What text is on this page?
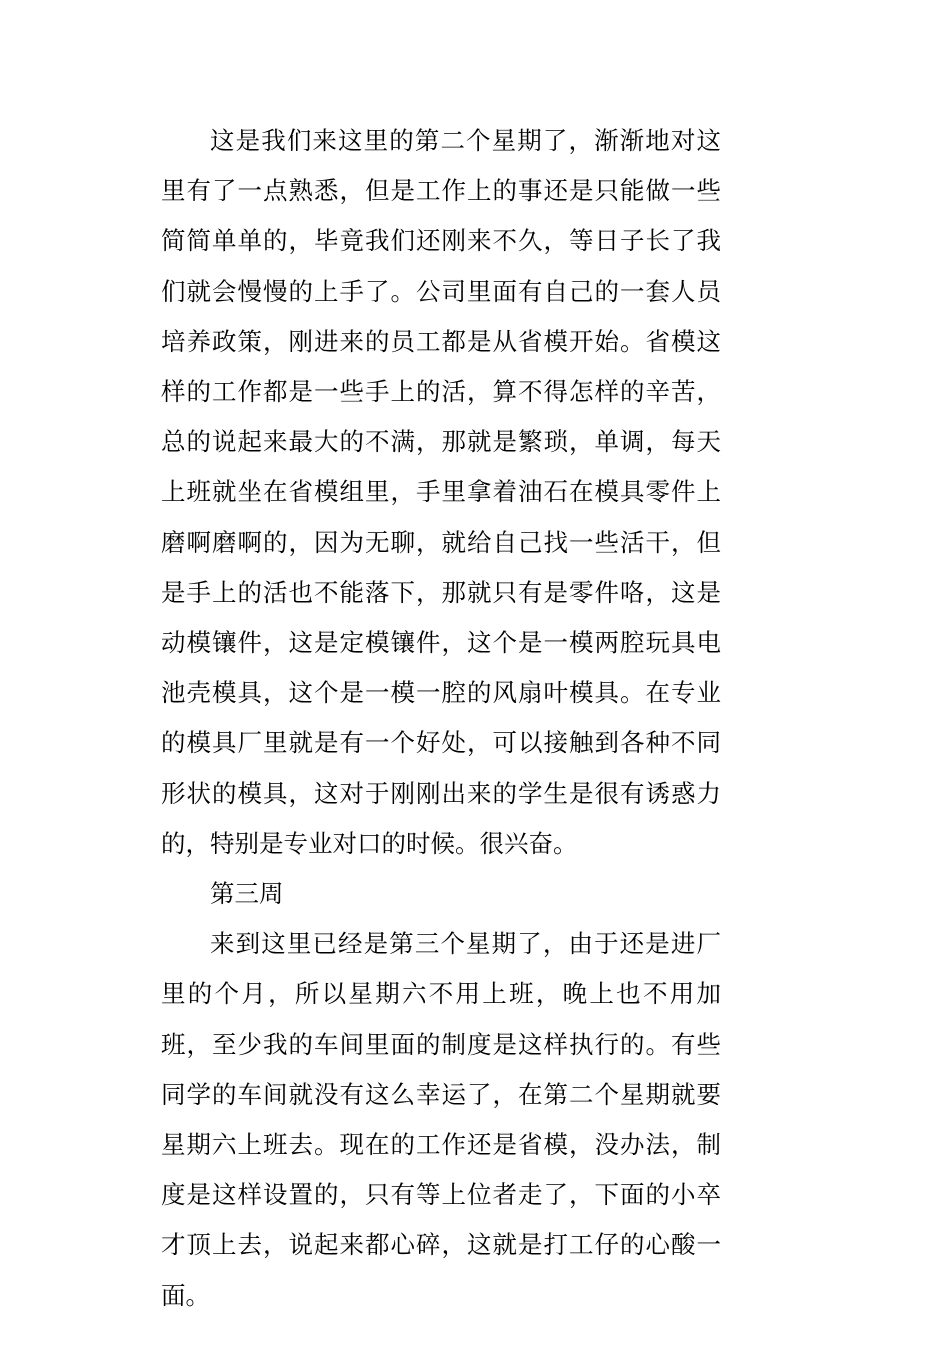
这是我们来这里的第二个星期了，渐渐地对这里有了一点熟悉，但是工作上的事还是只能做一些简简单单的，毕竟我们还刚来不久，等日子长了我们就会慢慢的上手了。公司里面有自己的一套人员培养政策，刚进来的员工都是从省模开始。省模这样的工作都是一些手上的活，算不得怎样的辛苦，总的说起来最大的不满，那就是繁琐，单调，每天上班就坐在省模组里，手里拿着油石在模具零件上磨啊磨啊的，因为无聊，就给自己找一些活干，但是手上的活也不能落下，那就只有是零件咯，这是动模镶件，这是定模镶件，这个是一模两腔玩具电池壳模具，这个是一模一腔的风扇叶模具。在专业的模具厂里就是有一个好处，可以接触到各种不同形状的模具，这对于刚刚出来的学生是很有诱惑力的，特别是专业对口的时候。很兴奋。

第三周

来到这里已经是第三个星期了，由于还是进厂里的个月，所以星期六不用上班，晚上也不用加班，至少我的车间里面的制度是这样执行的。有些同学的车间就没有这么幸运了，在第二个星期就要星期六上班去。现在的工作还是省模，没办法，制度是这样设置的，只有等上位者走了，下面的小卒才顶上去，说起来都心碎，这就是打工仔的心酸一面。
